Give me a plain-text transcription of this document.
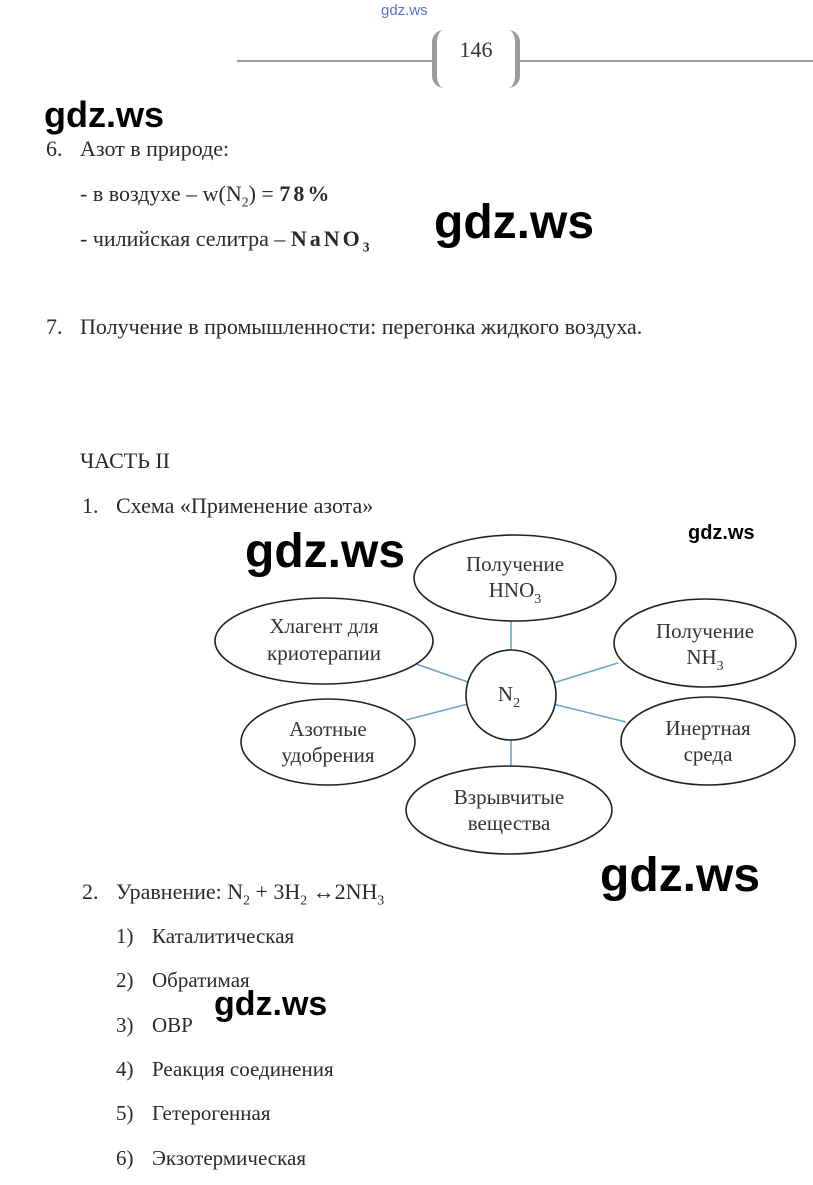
gdz.ws
146
gdz.ws
gdz.ws
gdz.ws
gdz.ws
gdz.ws
gdz.ws
6. Азот в природе:
- в воздухе – $w(N_2) = 78\%$
- чилийская селитра – NaNO$_3$
7. Получение в промышленности: перегонка жидкого воздуха.
ЧАСТЬ II
1. Схема «Применение азота»
Получение
$HNO_3$
Получение
$NH_3$
Хлагент для
криотерапии
Азотные
удобрения
Инертная
среда
Взрывчитые
вещества
$N_2$
2. Уравнение: $N_2 + 3H_2$ $\leftrightarrow 2NH_3$
1) Каталитическая
2) Обратимая
3) ОВР
4) Реакция соединения
5) Гетерогенная
6) Экзотермическая
